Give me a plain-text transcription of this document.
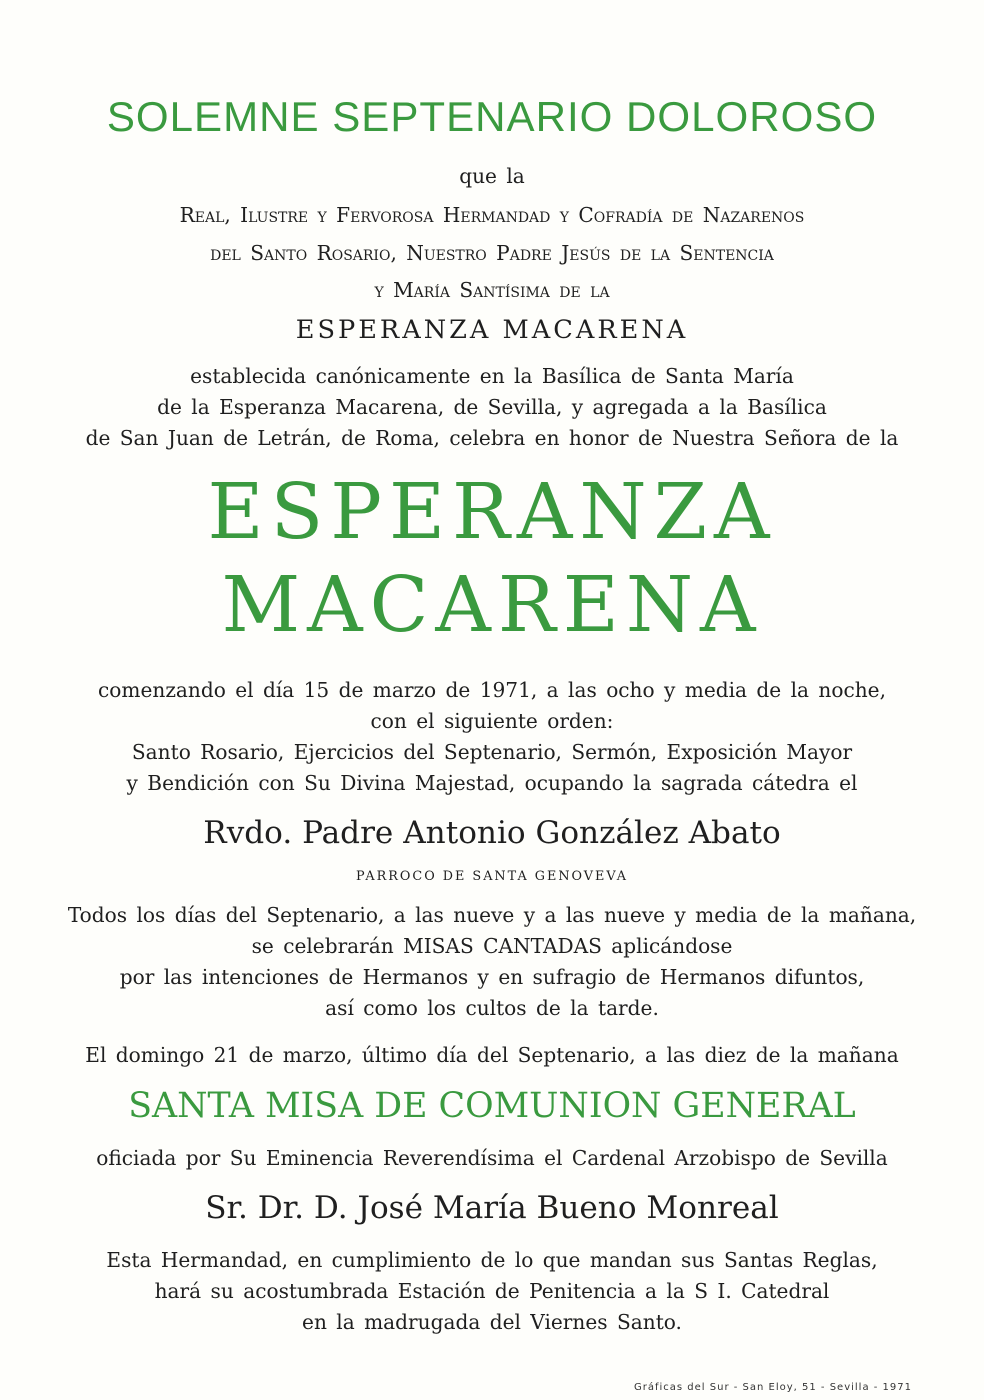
SOLEMNE SEPTENARIO DOLOROSO
que la
Real, Ilustre y Fervorosa Hermandad y Cofradía de Nazarenos
del Santo Rosario, Nuestro Padre Jesús de la Sentencia
y María Santísima de la
ESPERANZA MACARENA
establecida canónicamente en la Basílica de Santa María
de la Esperanza Macarena, de Sevilla, y agregada a la Basílica
de San Juan de Letrán, de Roma, celebra en honor de Nuestra Señora de la
ESPERANZA
MACARENA
comenzando el día 15 de marzo de 1971, a las ocho y media de la noche,
con el siguiente orden:
Santo Rosario, Ejercicios del Septenario, Sermón, Exposición Mayor
y Bendición con Su Divina Majestad, ocupando la sagrada cátedra el
Rvdo. Padre Antonio González Abato
PARROCO DE SANTA GENOVEVA
Todos los días del Septenario, a las nueve y a las nueve y media de la mañana,
se celebrarán MISAS CANTADAS aplicándose
por las intenciones de Hermanos y en sufragio de Hermanos difuntos,
así como los cultos de la tarde.
El domingo 21 de marzo, último día del Septenario, a las diez de la mañana
SANTA MISA DE COMUNION GENERAL
oficiada por Su Eminencia Reverendísima el Cardenal Arzobispo de Sevilla
Sr. Dr. D. José María Bueno Monreal
Esta Hermandad, en cumplimiento de lo que mandan sus Santas Reglas,
hará su acostumbrada Estación de Penitencia a la S I. Catedral
en la madrugada del Viernes Santo.
Gráficas del Sur - San Eloy, 51 - Sevilla - 1971
